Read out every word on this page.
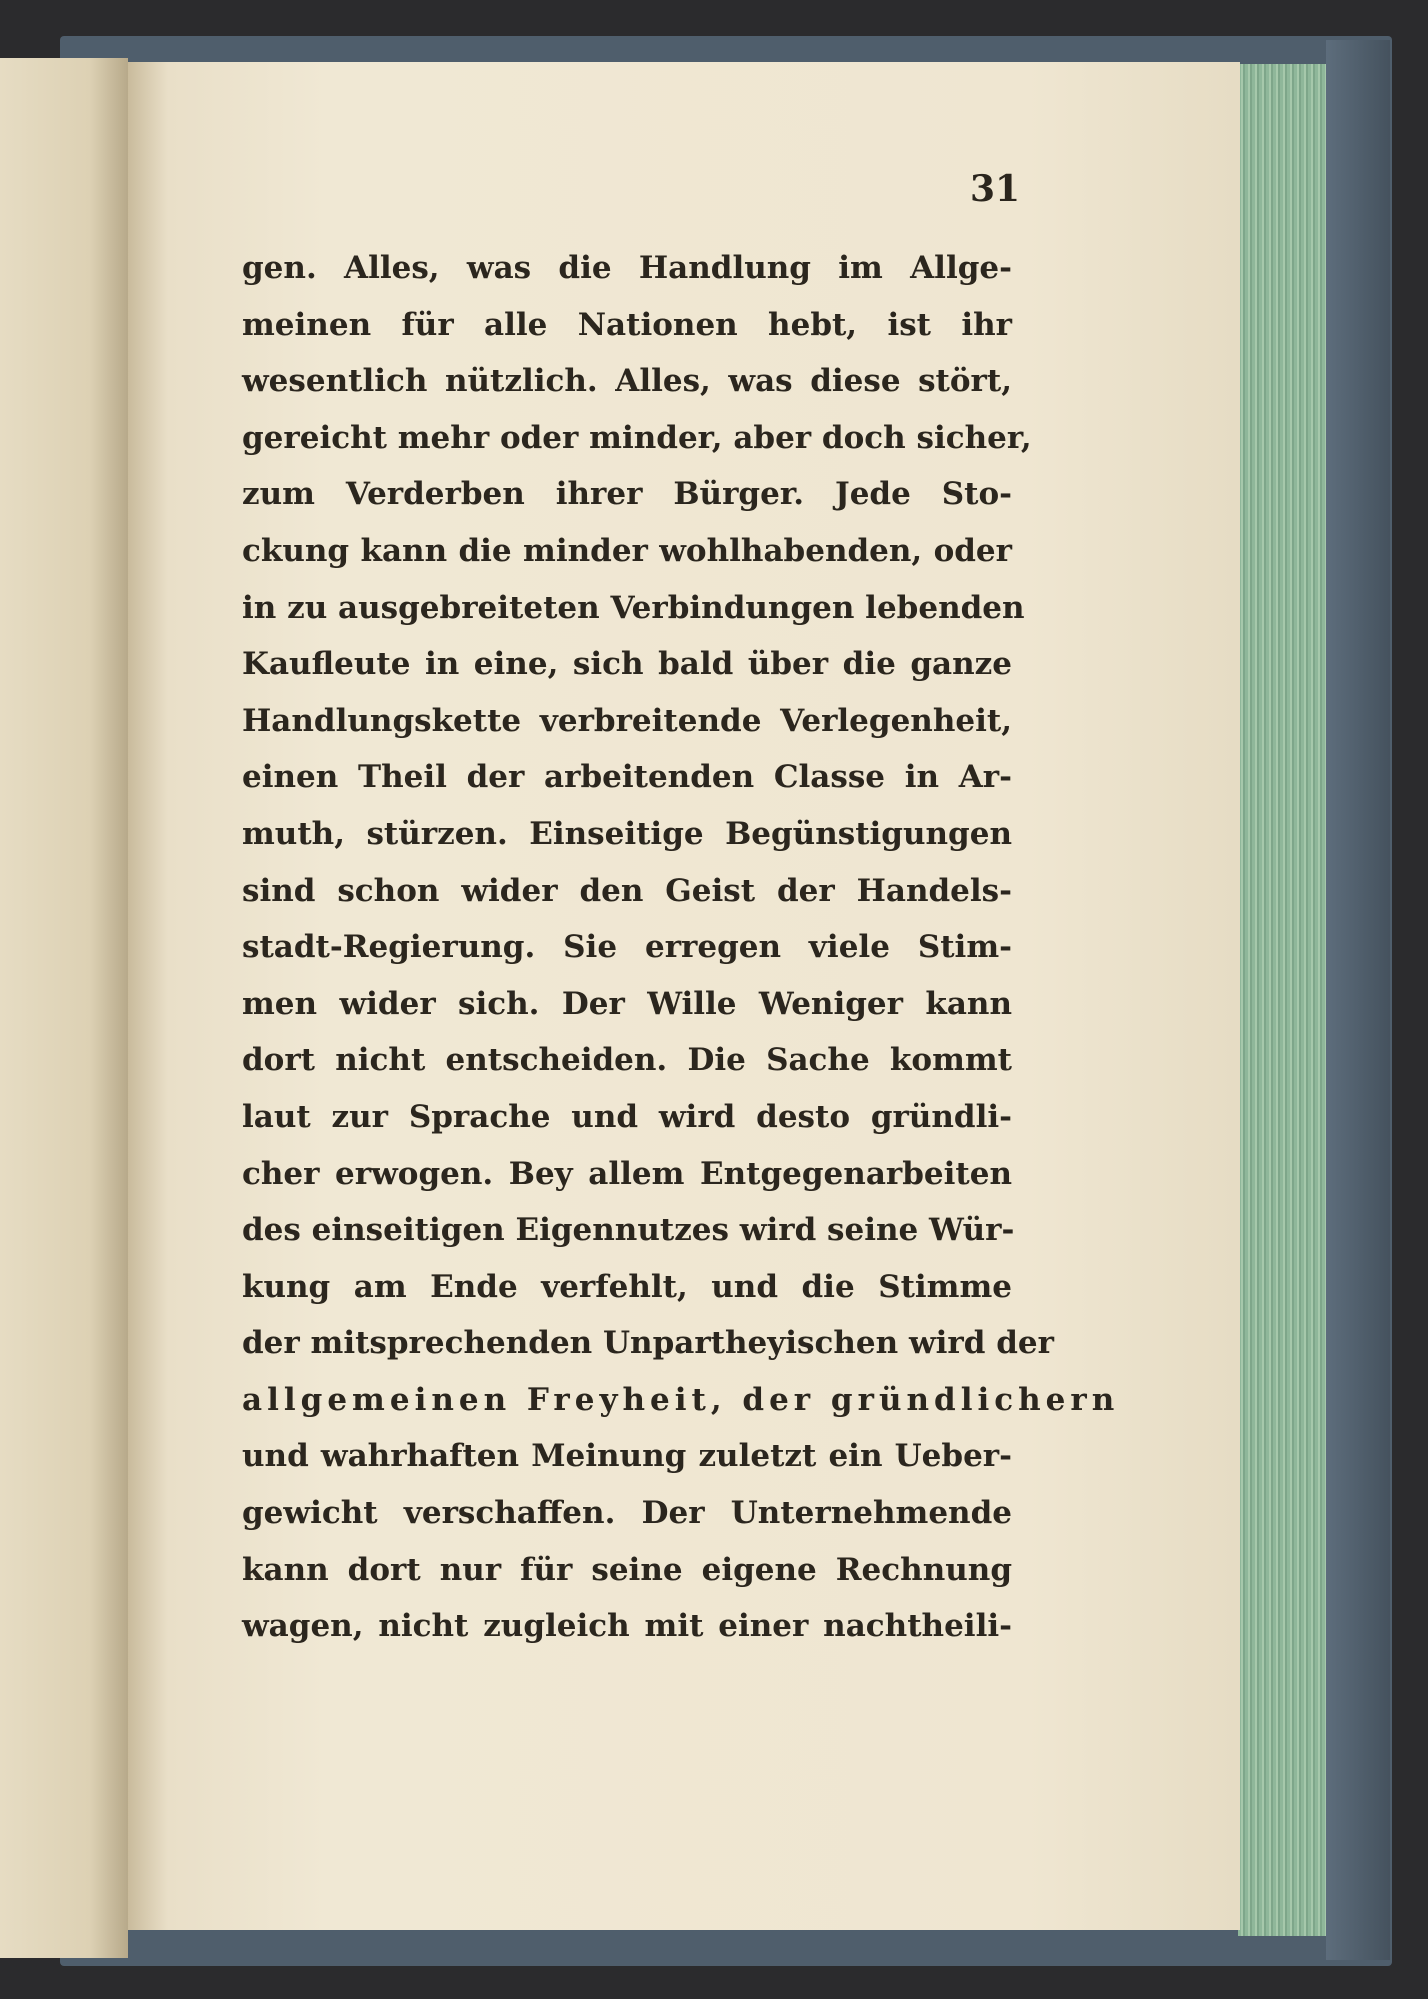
31
gen. Alles, was die Handlung im Allge-
meinen für alle Nationen hebt, ist ihr
wesentlich nützlich. Alles, was diese stört,
gereicht mehr oder minder, aber doch sicher,
zum Verderben ihrer Bürger. Jede Sto-
ckung kann die minder wohlhabenden, oder
in zu ausgebreiteten Verbindungen lebenden
Kaufleute in eine, sich bald über die ganze
Handlungskette verbreitende Verlegenheit,
einen Theil der arbeitenden Classe in Ar-
muth, stürzen. Einseitige Begünstigungen
sind schon wider den Geist der Handels-
stadt-Regierung. Sie erregen viele Stim-
men wider sich. Der Wille Weniger kann
dort nicht entscheiden. Die Sache kommt
laut zur Sprache und wird desto gründli-
cher erwogen. Bey allem Entgegenarbeiten
des einseitigen Eigennutzes wird seine Wür-
kung am Ende verfehlt, und die Stimme
der mitsprechenden Unpartheyischen wird der
allgemeinen Freyheit, der gründlichern
und wahrhaften Meinung zuletzt ein Ueber-
gewicht verschaffen. Der Unternehmende
kann dort nur für seine eigene Rechnung
wagen, nicht zugleich mit einer nachtheili-
